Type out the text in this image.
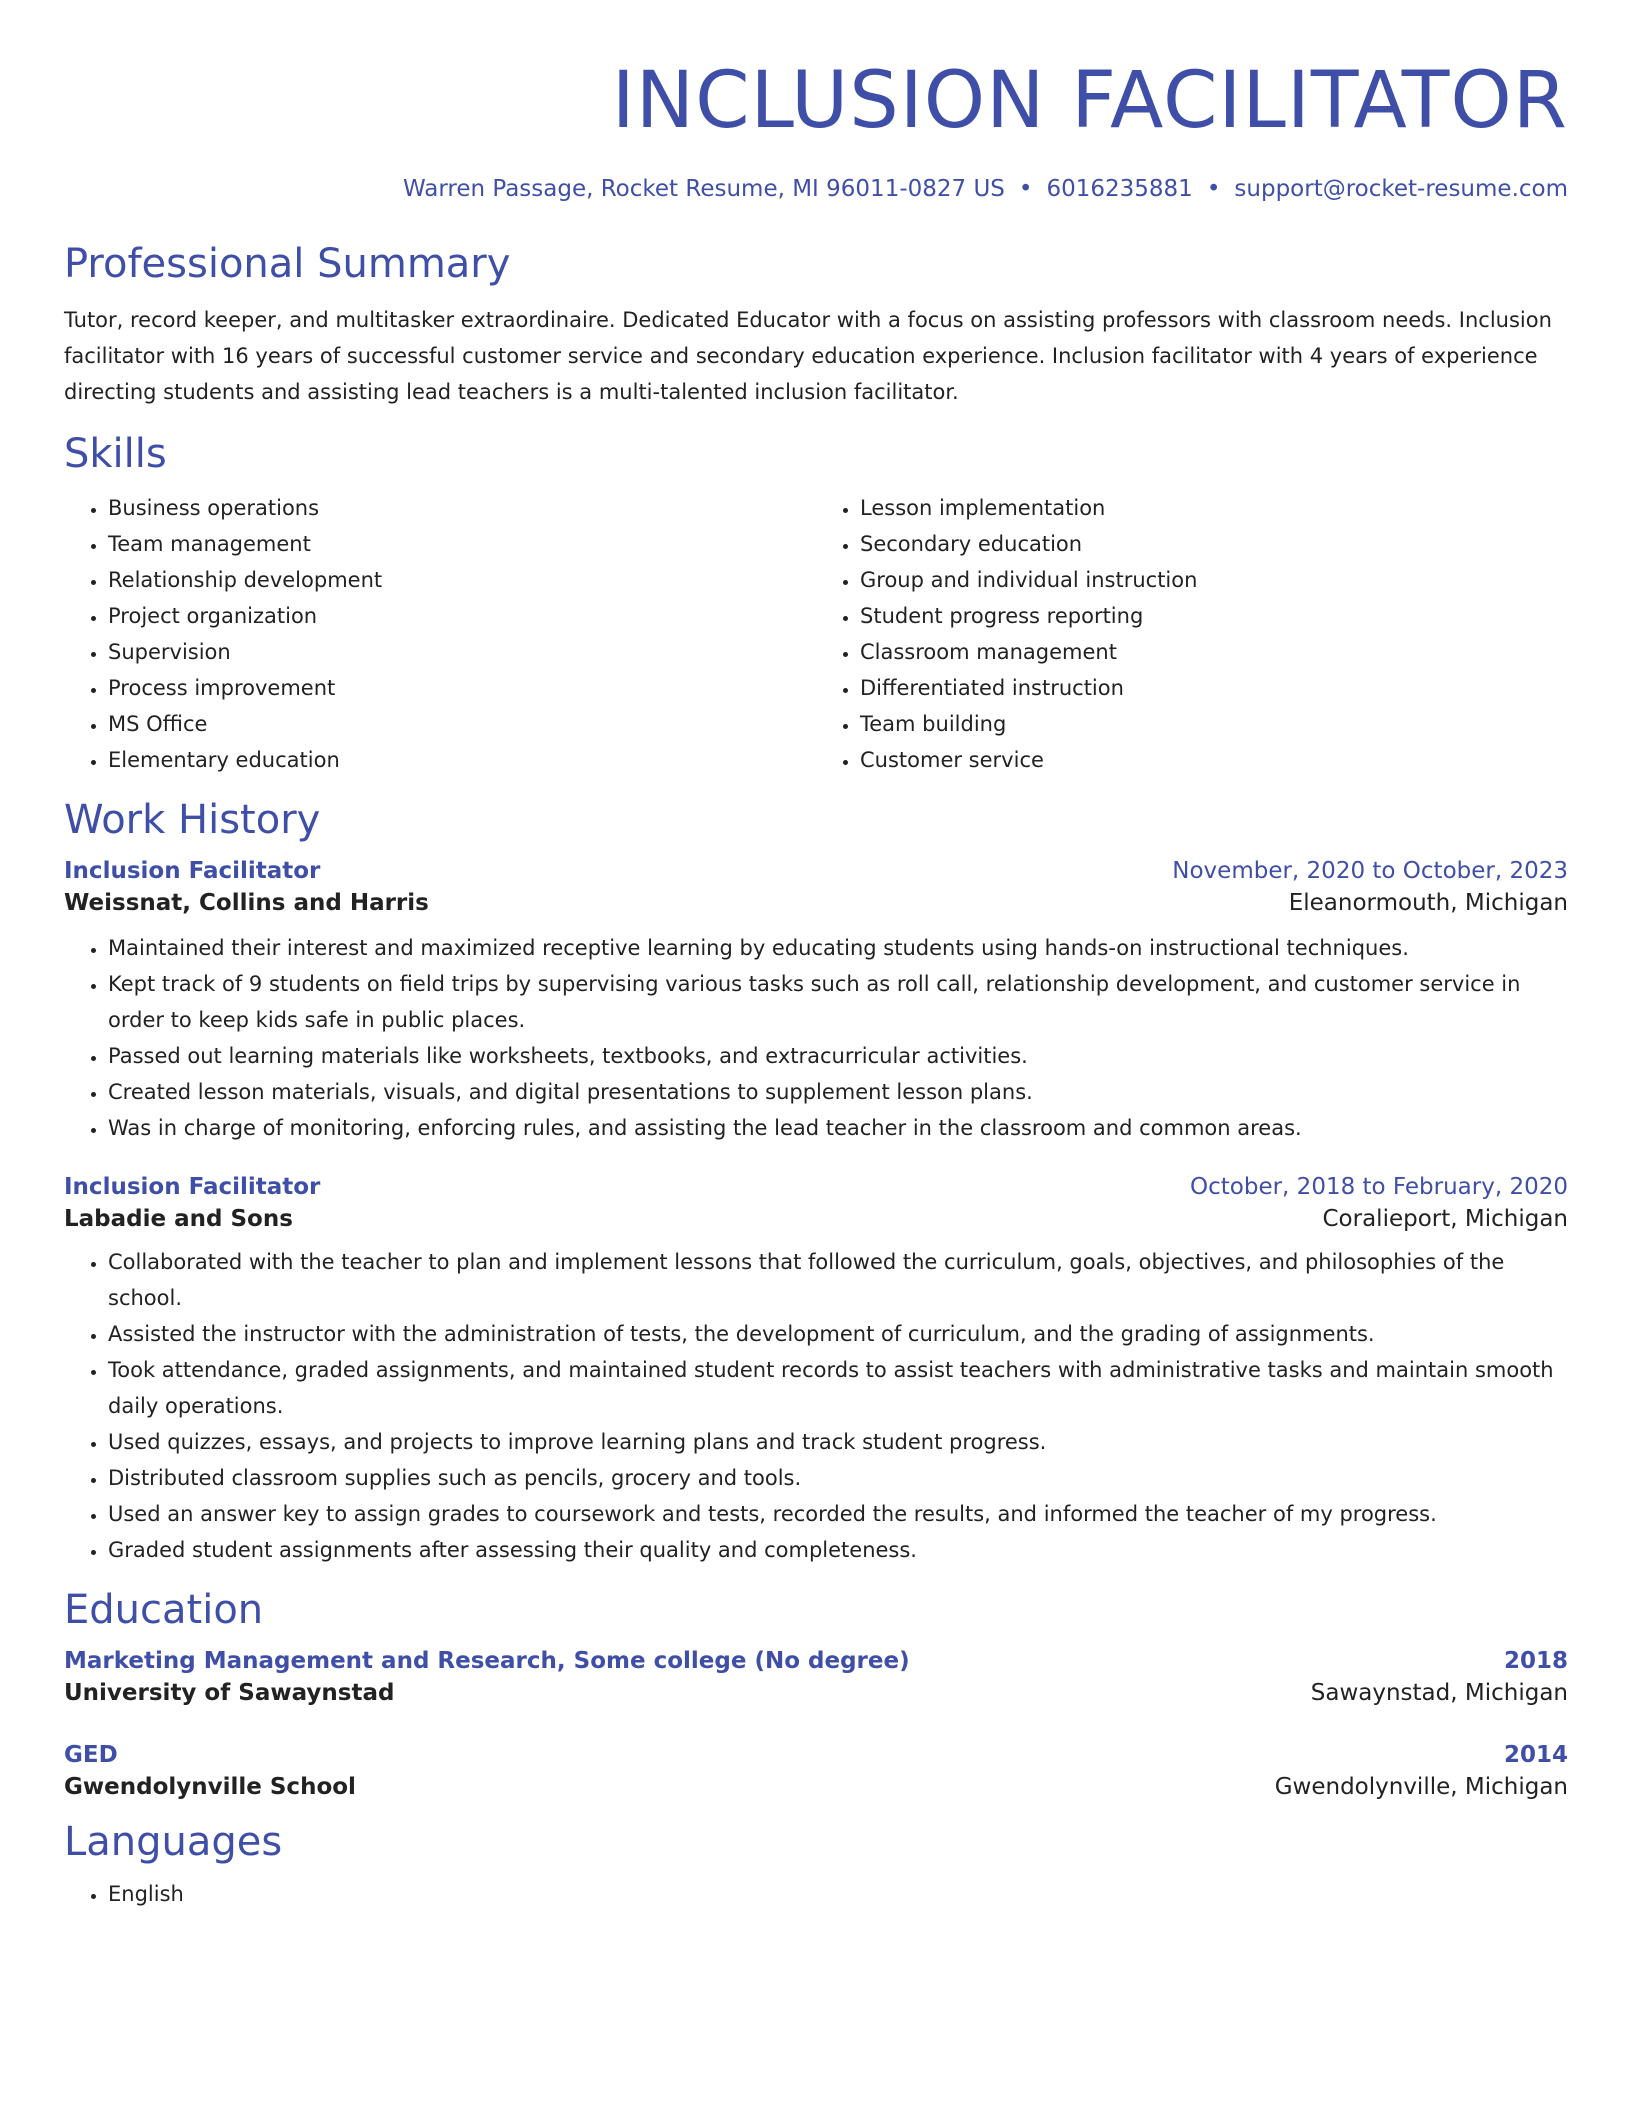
INCLUSION FACILITATOR
Warren Passage, Rocket Resume, MI 96011-0827 US • 6016235881 • support@rocket-resume.com
Professional Summary

Tutor, record keeper, and multitasker extraordinaire. Dedicated Educator with a focus on assisting professors with classroom needs. Inclusion facilitator with 16 years of successful customer service and secondary education experience. Inclusion facilitator with 4 years of experience directing students and assisting lead teachers is a multi-talented inclusion facilitator.

Skills
• Business operations
• Team management
• Relationship development
• Project organization
• Supervision
• Process improvement
• MS Office
• Elementary education
• Lesson implementation
• Secondary education
• Group and individual instruction
• Student progress reporting
• Classroom management
• Differentiated instruction
• Team building
• Customer service
Work History
Inclusion Facilitator	November, 2020 to October, 2023
Weissnat, Collins and Harris	Eleanormouth, Michigan
• Maintained their interest and maximized receptive learning by educating students using hands-on instructional techniques.
• Kept track of 9 students on field trips by supervising various tasks such as roll call, relationship development, and customer service in order to keep kids safe in public places.
• Passed out learning materials like worksheets, textbooks, and extracurricular activities.
• Created lesson materials, visuals, and digital presentations to supplement lesson plans.
• Was in charge of monitoring, enforcing rules, and assisting the lead teacher in the classroom and common areas.
Inclusion Facilitator	October, 2018 to February, 2020
Labadie and Sons	Coralieport, Michigan
• Collaborated with the teacher to plan and implement lessons that followed the curriculum, goals, objectives, and philosophies of the school.
• Assisted the instructor with the administration of tests, the development of curriculum, and the grading of assignments.
• Took attendance, graded assignments, and maintained student records to assist teachers with administrative tasks and maintain smooth daily operations.
• Used quizzes, essays, and projects to improve learning plans and track student progress.
• Distributed classroom supplies such as pencils, grocery and tools.
• Used an answer key to assign grades to coursework and tests, recorded the results, and informed the teacher of my progress.
• Graded student assignments after assessing their quality and completeness.
Education
Marketing Management and Research, Some college (No degree)	2018
University of Sawaynstad	Sawaynstad, Michigan
GED	2014
Gwendolynville School	Gwendolynville, Michigan
Languages
• English
